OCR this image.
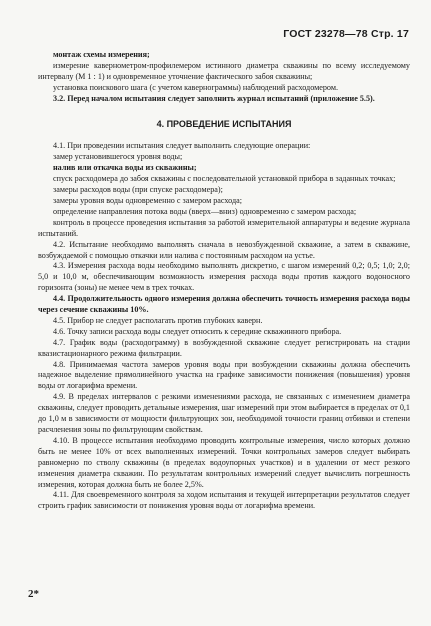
ГОСТ 23278—78 Стр. 17

монтаж схемы измерения;

измерение кавернометром-профилемером истинного диаметра скважины по всему исследуемому интервалу (М 1 : 1) и одновременное уточнение фактического забоя скважины;

установка поискового шага (с учетом кавернограммы) наблюдений расходомером.

3.2. Перед началом испытания следует заполнить журнал испытаний (приложение 5.5).

4. ПРОВЕДЕНИЕ ИСПЫТАНИЯ

4.1. При проведении испытания следует выполнить следующие операции:

замер установившегося уровня воды;

налив или откачка воды из скважины;

спуск расходомера до забоя скважины с последовательной установкой прибора в заданных точках;

замеры расходов воды (при спуске расходомера);

замеры уровня воды одновременно с замером расхода;

определение направления потока воды (вверх—вниз) одновременно с замером расхода;

контроль в процессе проведения испытания за работой измерительной аппаратуры и ведение журнала испытаний.

4.2. Испытание необходимо выполнять сначала в невозбужденной скважине, а затем в скважине, возбуждаемой с помощью откачки или налива с постоянным расходом на устье.

4.3. Измерения расхода воды необходимо выполнять дискретно, с шагом измерений 0,2; 0,5; 1,0; 2,0; 5,0 и 10,0 м, обеспечивающим возможность измерения расхода воды против каждого водоносного горизонта (зоны) не менее чем в трех точках.

4.4. Продолжительность одного измерения должна обеспечить точность измерения расхода воды через сечение скважины 10%.

4.5. Прибор не следует располагать против глубоких каверн.

4.6. Точку записи расхода воды следует относить к середине скважинного прибора.

4.7. График воды (расходограмму) в возбужденной скважине следует регистрировать на стадии квазистационарного режима фильтрации.

4.8. Принимаемая частота замеров уровня воды при возбуждении скважины должна обеспечить надежное выделение прямолинейного участка на графике зависимости понижения (повышения) уровня воды от логарифма времени.

4.9. В пределах интервалов с резкими изменениями расхода, не связанных с изменением диаметра скважины, следует проводить детальные измерения, шаг измерений при этом выбирается в пределах от 0,1 до 1,0 м в зависимости от мощности фильтрующих зон, необходимой точности границ отбивки и степени расчленения зоны по фильтрующим свойствам.

4.10. В процессе испытания необходимо проводить контрольные измерения, число которых должно быть не менее 10% от всех выполненных измерений. Точки контрольных замеров следует выбирать равномерно по стволу скважины (в пределах водоупорных участков) и в удалении от мест резкого изменения диаметра скважин. По результатам контрольных измерений следует вычислить погрешность измерения, которая должна быть не более 2,5%.

4.11. Для своевременного контроля за ходом испытания и текущей интерпретации результатов следует строить график зависимости от понижения уровня воды от логарифма времени.

2*
